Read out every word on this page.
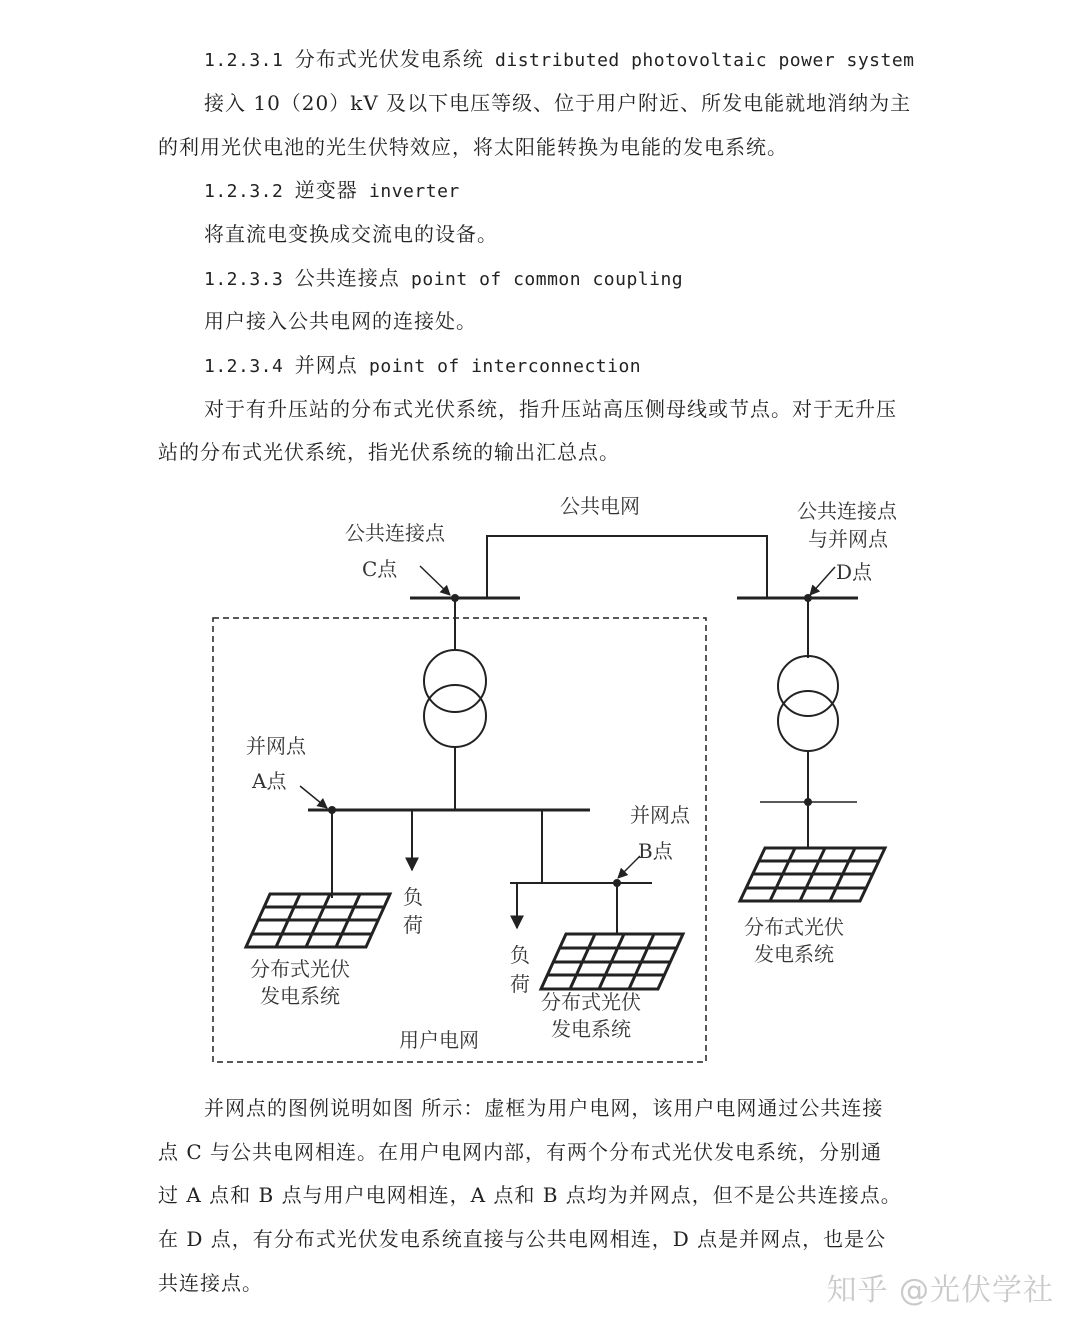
1.2.3.1 分布式光伏发电系统 distributed photovoltaic power system
接入 10（20）kV 及以下电压等级、位于用户附近、所发电能就地消纳为主
的利用光伏电池的光生伏特效应，将太阳能转换为电能的发电系统。
1.2.3.2 逆变器 inverter
将直流电变换成交流电的设备。
1.2.3.3 公共连接点 point of common coupling
用户接入公共电网的连接处。
1.2.3.4 并网点 point of interconnection
对于有升压站的分布式光伏系统，指升压站高压侧母线或节点。对于无升压
站的分布式光伏系统，指光伏系统的输出汇总点。
公共电网
公共连接点
C点
公共连接点
与并网点
D点
并网点
A点
并网点
B点
负
荷
负
荷
分布式光伏
发电系统	分布式光伏
发电系统
分布式光伏
发电系统
用户电网
并网点的图例说明如图 所示：虚框为用户电网，该用户电网通过公共连接
点 C 与公共电网相连。在用户电网内部，有两个分布式光伏发电系统，分别通
过 A 点和 B 点与用户电网相连，A 点和 B 点均为并网点，但不是公共连接点。
在 D 点，有分布式光伏发电系统直接与公共电网相连，D 点是并网点，也是公
共连接点。	知乎 @光伏学社
